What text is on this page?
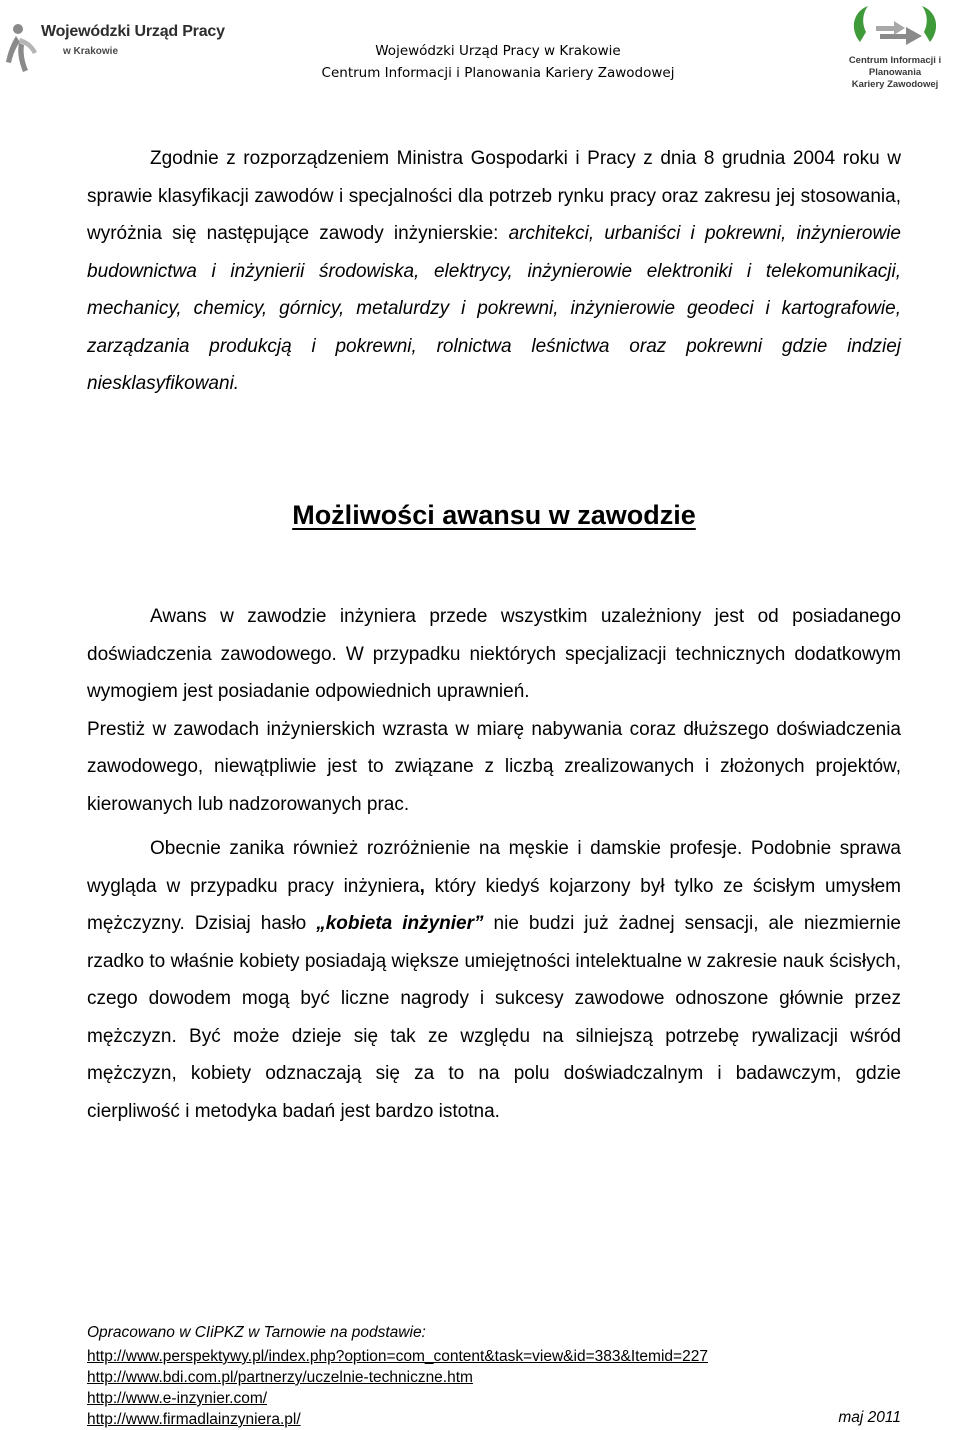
Wojewódzki Urząd Pracy
w Krakowie	Wojewódzki Urząd Pracy w Krakowie
Centrum Informacji i Planowania Kariery Zawodowej
Centrum Informacji i Planowania
Kariery Zawodowej

Zgodnie z rozporządzeniem Ministra Gospodarki i Pracy z dnia 8 grudnia 2004 roku w sprawie klasyfikacji zawodów i specjalności dla potrzeb rynku pracy oraz zakresu jej stosowania, wyróżnia się następujące zawody inżynierskie: architekci, urbaniści i pokrewni, inżynierowie budownictwa i inżynierii środowiska, elektrycy, inżynierowie elektroniki i telekomunikacji, mechanicy, chemicy, górnicy, metalurdzy i pokrewni, inżynierowie geodeci i kartografowie, zarządzania produkcją i pokrewni, rolnictwa leśnictwa oraz pokrewni gdzie indziej niesklasyfikowani.

Możliwości awansu w zawodzie

Awans w zawodzie inżyniera przede wszystkim uzależniony jest od posiadanego doświadczenia zawodowego. W przypadku niektórych specjalizacji technicznych dodatkowym wymogiem jest posiadanie odpowiednich uprawnień.

Prestiż w zawodach inżynierskich wzrasta w miarę nabywania coraz dłuższego doświadczenia zawodowego, niewątpliwie jest to związane z liczbą zrealizowanych i złożonych projektów, kierowanych lub nadzorowanych prac.

Obecnie zanika również rozróżnienie na męskie i damskie profesje. Podobnie sprawa wygląda w przypadku pracy inżyniera, który kiedyś kojarzony był tylko ze ścisłym umysłem mężczyzny. Dzisiaj hasło „kobieta inżynier” nie budzi już żadnej sensacji, ale niezmiernie rzadko to właśnie kobiety posiadają większe umiejętności intelektualne w zakresie nauk ścisłych, czego dowodem mogą być liczne nagrody i sukcesy zawodowe odnoszone głównie przez mężczyzn. Być może dzieje się tak ze względu na silniejszą potrzebę rywalizacji wśród mężczyzn, kobiety odznaczają się za to na polu doświadczalnym i badawczym, gdzie cierpliwość i metodyka badań jest bardzo istotna.

Opracowano w CIiPKZ w Tarnowie na podstawie:
http://www.perspektywy.pl/index.php?option=com_content&task=view&id=383&Itemid=227
http://www.bdi.com.pl/partnerzy/uczelnie-techniczne.htm
http://www.e-inzynier.com/
http://www.firmadlainzyniera.pl/	maj 2011
